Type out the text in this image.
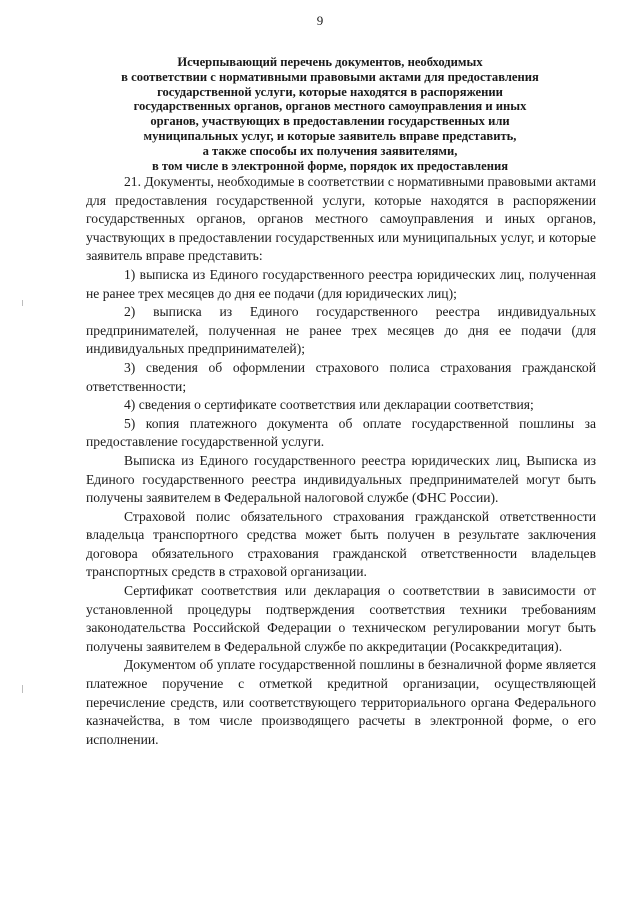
9
Исчерпывающий перечень документов, необходимых
в соответствии с нормативными правовыми актами для предоставления
государственной услуги, которые находятся в распоряжении
государственных органов, органов местного самоуправления и иных
органов, участвующих в предоставлении государственных или
муниципальных услуг, и которые заявитель вправе представить,
а также способы их получения заявителями,
в том числе в электронной форме, порядок их предоставления

21. Документы, необходимые в соответствии с нормативными правовыми актами для предоставления государственной услуги, которые находятся в распоряжении государственных органов, органов местного самоуправления и иных органов, участвующих в предоставлении государственных или муниципальных услуг, и которые заявитель вправе представить:

1) выписка из Единого государственного реестра юридических лиц, полученная не ранее трех месяцев до дня ее подачи (для юридических лиц);

2) выписка из Единого государственного реестра индивидуальных предпринимателей, полученная не ранее трех месяцев до дня ее подачи (для индивидуальных предпринимателей);

3) сведения об оформлении страхового полиса страхования гражданской ответственности;

4) сведения о сертификате соответствия или декларации соответствия;

5) копия платежного документа об оплате государственной пошлины за предоставление государственной услуги.

Выписка из Единого государственного реестра юридических лиц, Выписка из Единого государственного реестра индивидуальных предпринимателей могут быть получены заявителем в Федеральной налоговой службе (ФНС России).

Страховой полис обязательного страхования гражданской ответственности владельца транспортного средства может быть получен в результате заключения договора обязательного страхования гражданской ответственности владельцев транспортных средств в страховой организации.

Сертификат соответствия или декларация о соответствии в зависимости от установленной процедуры подтверждения соответствия техники требованиям законодательства Российской Федерации о техническом регулировании могут быть получены заявителем в Федеральной службе по аккредитации (Росаккредитация).

Документом об уплате государственной пошлины в безналичной форме является платежное поручение с отметкой кредитной организации, осуществляющей перечисление средств, или соответствующего территориального органа Федерального казначейства, в том числе производящего расчеты в электронной форме, о его исполнении.
